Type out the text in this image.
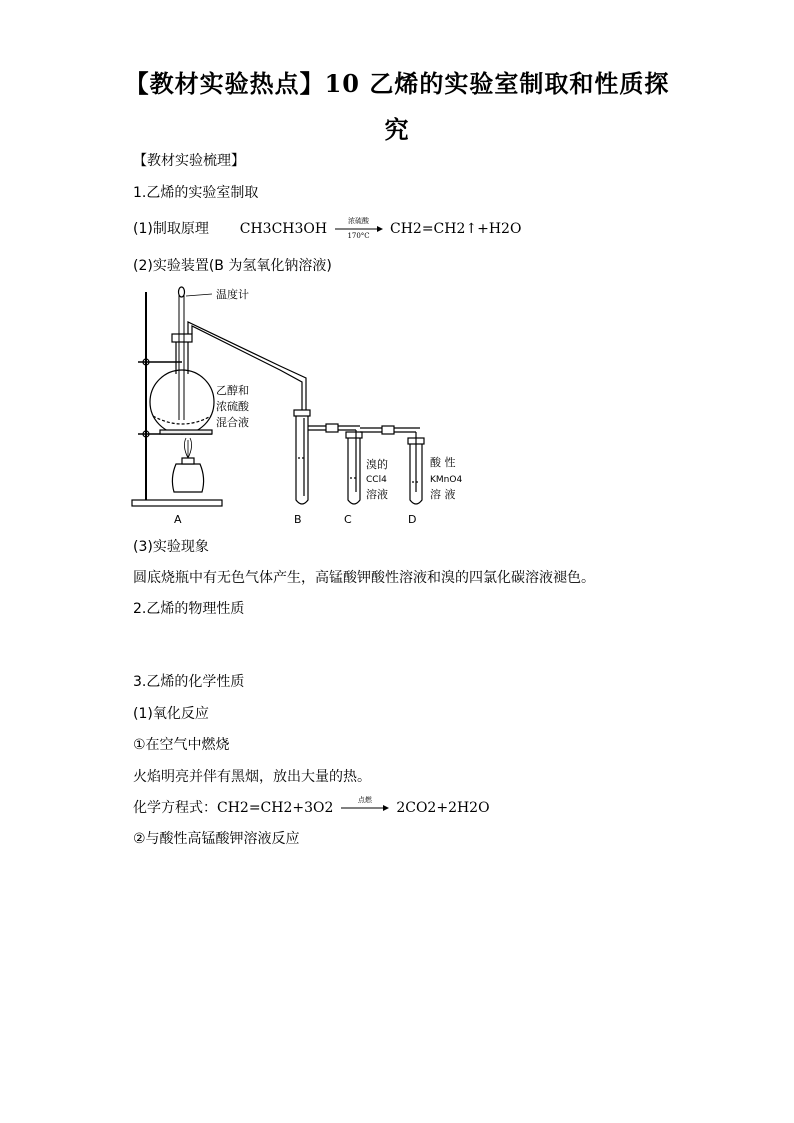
【教材实验热点】10 乙烯的实验室制取和性质探
究
【教材实验梳理】
1.乙烯的实验室制取
(1)制取原理 CH3CH3OH	浓硫酸
170°C	CH2=CH2↑+H2O
(2)实验装置(B 为氢氧化钠溶液)
温度计
乙醇和
浓硫酸
混合液
溴的
CCl4
溶液
酸 性
KMnO4
溶 液
A	B	C	D
(3)实验现象
圆底烧瓶中有无色气体产生，高锰酸钾酸性溶液和溴的四氯化碳溶液褪色。
2.乙烯的物理性质
3.乙烯的化学性质
(1)氧化反应
①在空气中燃烧
火焰明亮并伴有黑烟，放出大量的热。
化学方程式：CH2=CH2+3O2	点燃	2CO2+2H2O
②与酸性高锰酸钾溶液反应
